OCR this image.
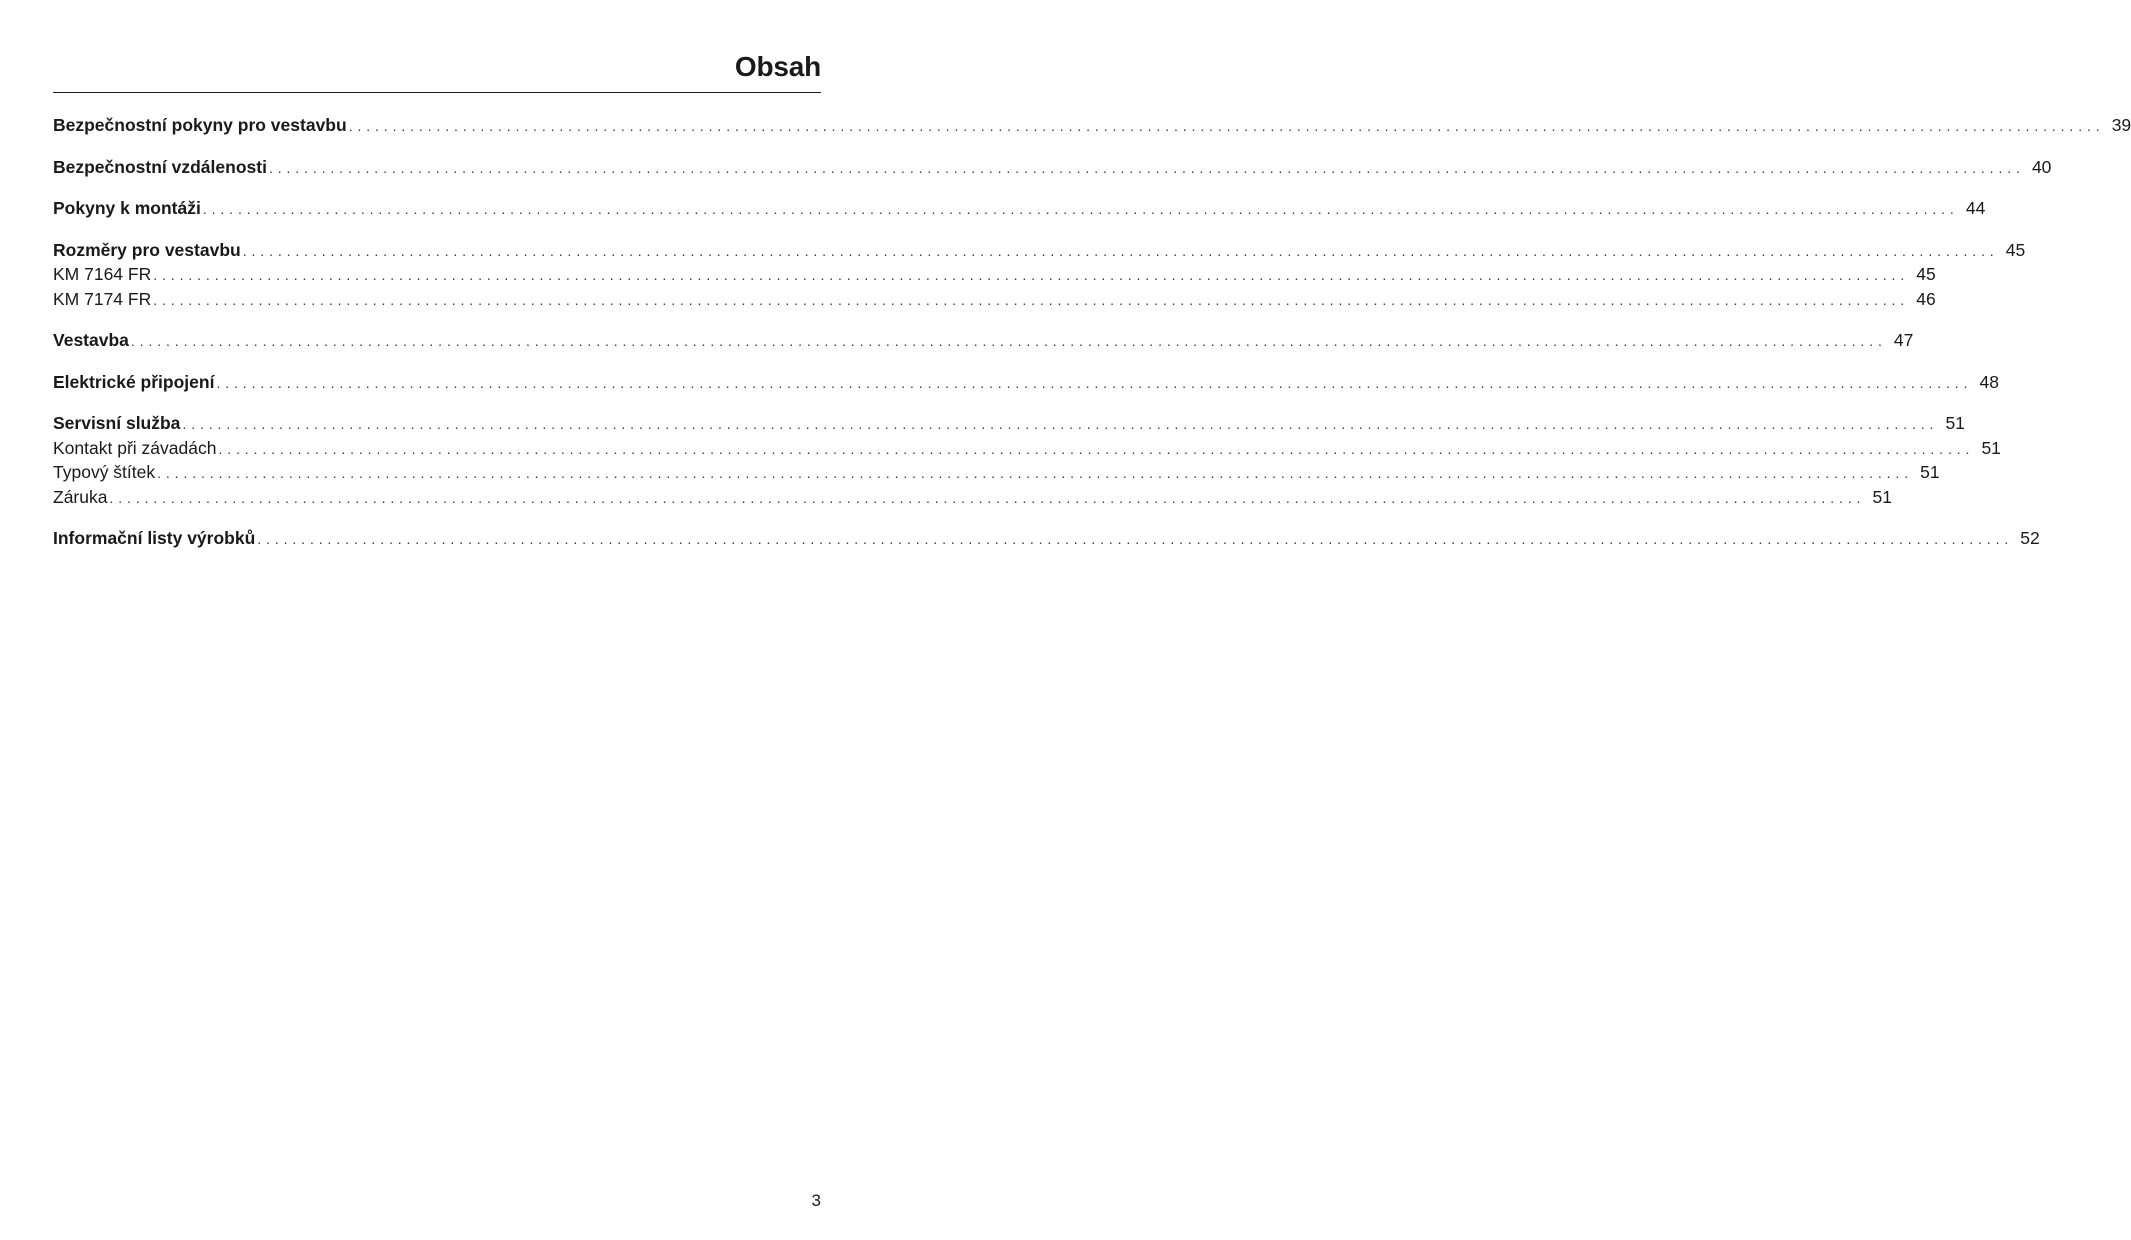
Obsah
Bezpečnostní pokyny pro vestavbu . . . . . . . . . . . . . . . . . . . . . . . . . . . . . . . . . . . . . . . . . . . . . . . . . . . . . . . . . . . . . . . . . . . . . . . . . . . . . . . . . . . . . . . . . . . . . . . . . . . . . . . . . . . . . . . . . . . . . . . . . . . . . . . . . . . . . . . . . . . . . . . . . . . . . . . . . . . . . . . . . . . . . . . . . . . . . . . . . . . . . . . . . . . . . . . . . . . . . . . . 39
Bezpečnostní vzdálenosti . . . . . . . . . . . . . . . . . . . . . . . . . . . . . . . . . . . . . . . . . . . . . . . . . . . . . . . . . . . . . . . . . . . . . . . . . . . . . . . . . . . . . . . . . . . . . . . . . . . . . . . . . . . . . . . . . . . . . . . . . . . . . . . . . . . . . . . . . . . . . . . . . . . . . . . . . . . . . . . . . . . . . . . . . . . . . . . . . . . . . . . . . . . . . . . . . . . . . . . . 40
Pokyny k montáži . . . . . . . . . . . . . . . . . . . . . . . . . . . . . . . . . . . . . . . . . . . . . . . . . . . . . . . . . . . . . . . . . . . . . . . . . . . . . . . . . . . . . . . . . . . . . . . . . . . . . . . . . . . . . . . . . . . . . . . . . . . . . . . . . . . . . . . . . . . . . . . . . . . . . . . . . . . . . . . . . . . . . . . . . . . . . . . . . . . . . . . . . . . . . . . . . . . . . . . . 44
Rozměry pro vestavbu . . . . . . . . . . . . . . . . . . . . . . . . . . . . . . . . . . . . . . . . . . . . . . . . . . . . . . . . . . . . . . . . . . . . . . . . . . . . . . . . . . . . . . . . . . . . . . . . . . . . . . . . . . . . . . . . . . . . . . . . . . . . . . . . . . . . . . . . . . . . . . . . . . . . . . . . . . . . . . . . . . . . . . . . . . . . . . . . . . . . . . . . . . . . . . . . . . . . . . . . 45
KM 7164 FR . . . . . . . . . . . . . . . . . . . . . . . . . . . . . . . . . . . . . . . . . . . . . . . . . . . . . . . . . . . . . . . . . . . . . . . . . . . . . . . . . . . . . . . . . . . . . . . . . . . . . . . . . . . . . . . . . . . . . . . . . . . . . . . . . . . . . . . . . . . . . . . . . . . . . . . . . . . . . . . . . . . . . . . . . . . . . . . . . . . . . . . . . . . . . . . . . . . . . . . . 45
KM 7174 FR . . . . . . . . . . . . . . . . . . . . . . . . . . . . . . . . . . . . . . . . . . . . . . . . . . . . . . . . . . . . . . . . . . . . . . . . . . . . . . . . . . . . . . . . . . . . . . . . . . . . . . . . . . . . . . . . . . . . . . . . . . . . . . . . . . . . . . . . . . . . . . . . . . . . . . . . . . . . . . . . . . . . . . . . . . . . . . . . . . . . . . . . . . . . . . . . . . . . . . . . 46
Vestavba . . . . . . . . . . . . . . . . . . . . . . . . . . . . . . . . . . . . . . . . . . . . . . . . . . . . . . . . . . . . . . . . . . . . . . . . . . . . . . . . . . . . . . . . . . . . . . . . . . . . . . . . . . . . . . . . . . . . . . . . . . . . . . . . . . . . . . . . . . . . . . . . . . . . . . . . . . . . . . . . . . . . . . . . . . . . . . . . . . . . . . . . . . . . . . . . . . . . . . . . 47
Elektrické připojení . . . . . . . . . . . . . . . . . . . . . . . . . . . . . . . . . . . . . . . . . . . . . . . . . . . . . . . . . . . . . . . . . . . . . . . . . . . . . . . . . . . . . . . . . . . . . . . . . . . . . . . . . . . . . . . . . . . . . . . . . . . . . . . . . . . . . . . . . . . . . . . . . . . . . . . . . . . . . . . . . . . . . . . . . . . . . . . . . . . . . . . . . . . . . . . . . . . . . . . . 48
Servisní služba . . . . . . . . . . . . . . . . . . . . . . . . . . . . . . . . . . . . . . . . . . . . . . . . . . . . . . . . . . . . . . . . . . . . . . . . . . . . . . . . . . . . . . . . . . . . . . . . . . . . . . . . . . . . . . . . . . . . . . . . . . . . . . . . . . . . . . . . . . . . . . . . . . . . . . . . . . . . . . . . . . . . . . . . . . . . . . . . . . . . . . . . . . . . . . . . . . . . . . . . 51
Kontakt při závadách . . . . . . . . . . . . . . . . . . . . . . . . . . . . . . . . . . . . . . . . . . . . . . . . . . . . . . . . . . . . . . . . . . . . . . . . . . . . . . . . . . . . . . . . . . . . . . . . . . . . . . . . . . . . . . . . . . . . . . . . . . . . . . . . . . . . . . . . . . . . . . . . . . . . . . . . . . . . . . . . . . . . . . . . . . . . . . . . . . . . . . . . . . . . . . . . . . . . . . . . 51
Typový štítek . . . . . . . . . . . . . . . . . . . . . . . . . . . . . . . . . . . . . . . . . . . . . . . . . . . . . . . . . . . . . . . . . . . . . . . . . . . . . . . . . . . . . . . . . . . . . . . . . . . . . . . . . . . . . . . . . . . . . . . . . . . . . . . . . . . . . . . . . . . . . . . . . . . . . . . . . . . . . . . . . . . . . . . . . . . . . . . . . . . . . . . . . . . . . . . . . . . . . . . . 51
Záruka . . . . . . . . . . . . . . . . . . . . . . . . . . . . . . . . . . . . . . . . . . . . . . . . . . . . . . . . . . . . . . . . . . . . . . . . . . . . . . . . . . . . . . . . . . . . . . . . . . . . . . . . . . . . . . . . . . . . . . . . . . . . . . . . . . . . . . . . . . . . . . . . . . . . . . . . . . . . . . . . . . . . . . . . . . . . . . . . . . . . . . . . . . . . . . . . . . . . . . . . 51
Informační listy výrobků . . . . . . . . . . . . . . . . . . . . . . . . . . . . . . . . . . . . . . . . . . . . . . . . . . . . . . . . . . . . . . . . . . . . . . . . . . . . . . . . . . . . . . . . . . . . . . . . . . . . . . . . . . . . . . . . . . . . . . . . . . . . . . . . . . . . . . . . . . . . . . . . . . . . . . . . . . . . . . . . . . . . . . . . . . . . . . . . . . . . . . . . . . . . . . . . . . . . . . . . 52
3
